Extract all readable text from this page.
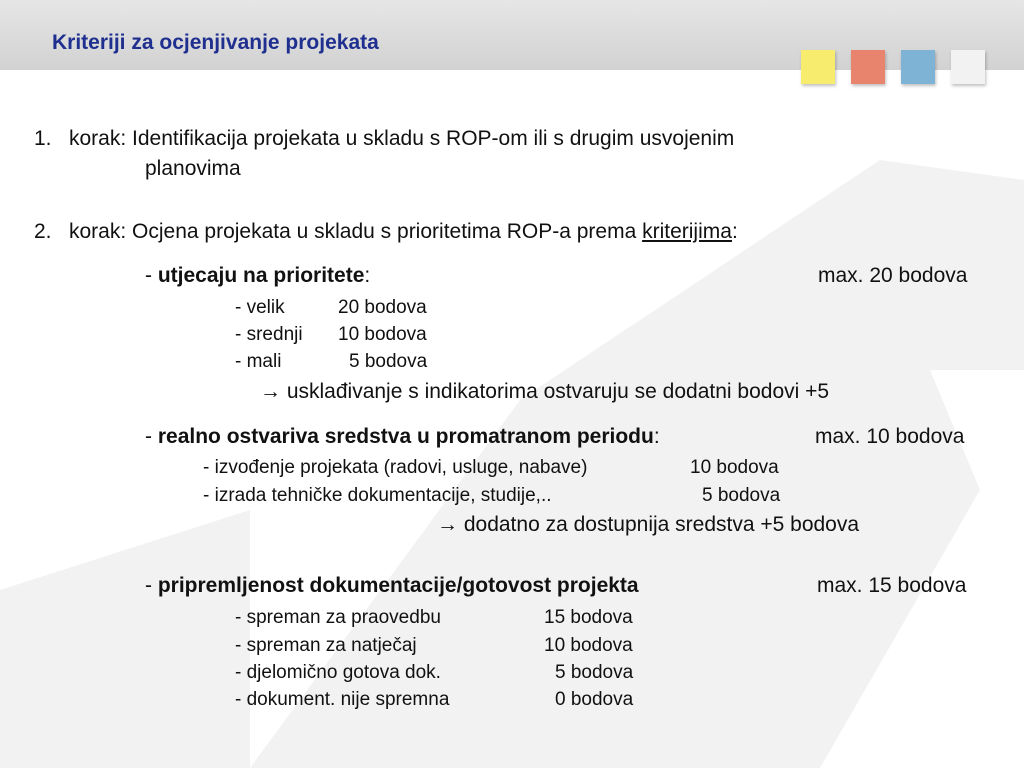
Kriteriji za ocjenjivanje projekata
1. korak: Identifikacija projekata u skladu s ROP-om ili s drugim usvojenim
planovima
2. korak: Ocjena projekata u skladu s prioritetima ROP-a prema kriterijima:
- utjecaju na prioritete:	max. 20 bodova
- velik	20 bodova
- srednji 10 bodova
- mali	5 bodova
→ usklađivanje s indikatorima ostvaruju se dodatni bodovi +5
- realno ostvariva sredstva u promatranom periodu:	max. 10 bodova
- izvođenje projekata (radovi, usluge, nabave)	10 bodova
- izrada tehničke dokumentacije, studije,..	5 bodova
→ dodatno za dostupnija sredstva +5 bodova
- pripremljenost dokumentacije/gotovost projekta	max. 15 bodova
- spreman za praovedbu	15 bodova
- spreman za natječaj	10 bodova
- djelomično gotova dok.	5 bodova
- dokument. nije spremna	0 bodova
